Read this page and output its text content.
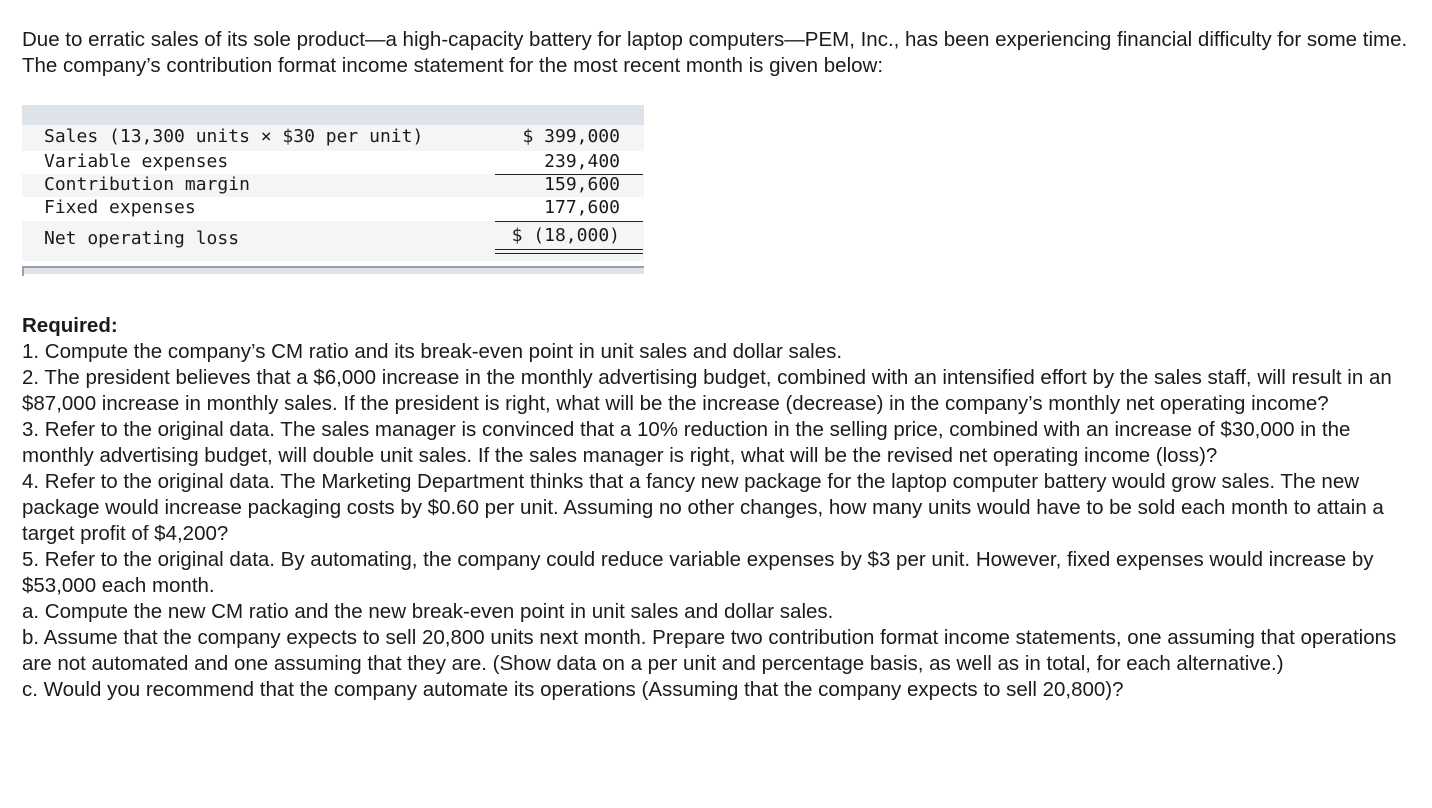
Due to erratic sales of its sole product—a high-capacity battery for laptop computers—PEM, Inc., has been experiencing financial difficulty for some time. The company’s contribution format income statement for the most recent month is given below:

Sales (13,300 units × $30 per unit)	$ 399,000
Variable expenses	239,400
Contribution margin	159,600
Fixed expenses	177,600
Net operating loss	$ (18,000)
Required:
1. Compute the company’s CM ratio and its break-even point in unit sales and dollar sales.
2. The president believes that a $6,000 increase in the monthly advertising budget, combined with an intensified effort by the sales staff, will result in an $87,000 increase in monthly sales. If the president is right, what will be the increase (decrease) in the company’s monthly net operating income?
3. Refer to the original data. The sales manager is convinced that a 10% reduction in the selling price, combined with an increase of $30,000 in the monthly advertising budget, will double unit sales. If the sales manager is right, what will be the revised net operating income (loss)?
4. Refer to the original data. The Marketing Department thinks that a fancy new package for the laptop computer battery would grow sales. The new package would increase packaging costs by $0.60 per unit. Assuming no other changes, how many units would have to be sold each month to attain a target profit of $4,200?
5. Refer to the original data. By automating, the company could reduce variable expenses by $3 per unit. However, fixed expenses would increase by $53,000 each month.
a. Compute the new CM ratio and the new break-even point in unit sales and dollar sales.
b. Assume that the company expects to sell 20,800 units next month. Prepare two contribution format income statements, one assuming that operations are not automated and one assuming that they are. (Show data on a per unit and percentage basis, as well as in total, for each alternative.)
c. Would you recommend that the company automate its operations (Assuming that the company expects to sell 20,800)?
